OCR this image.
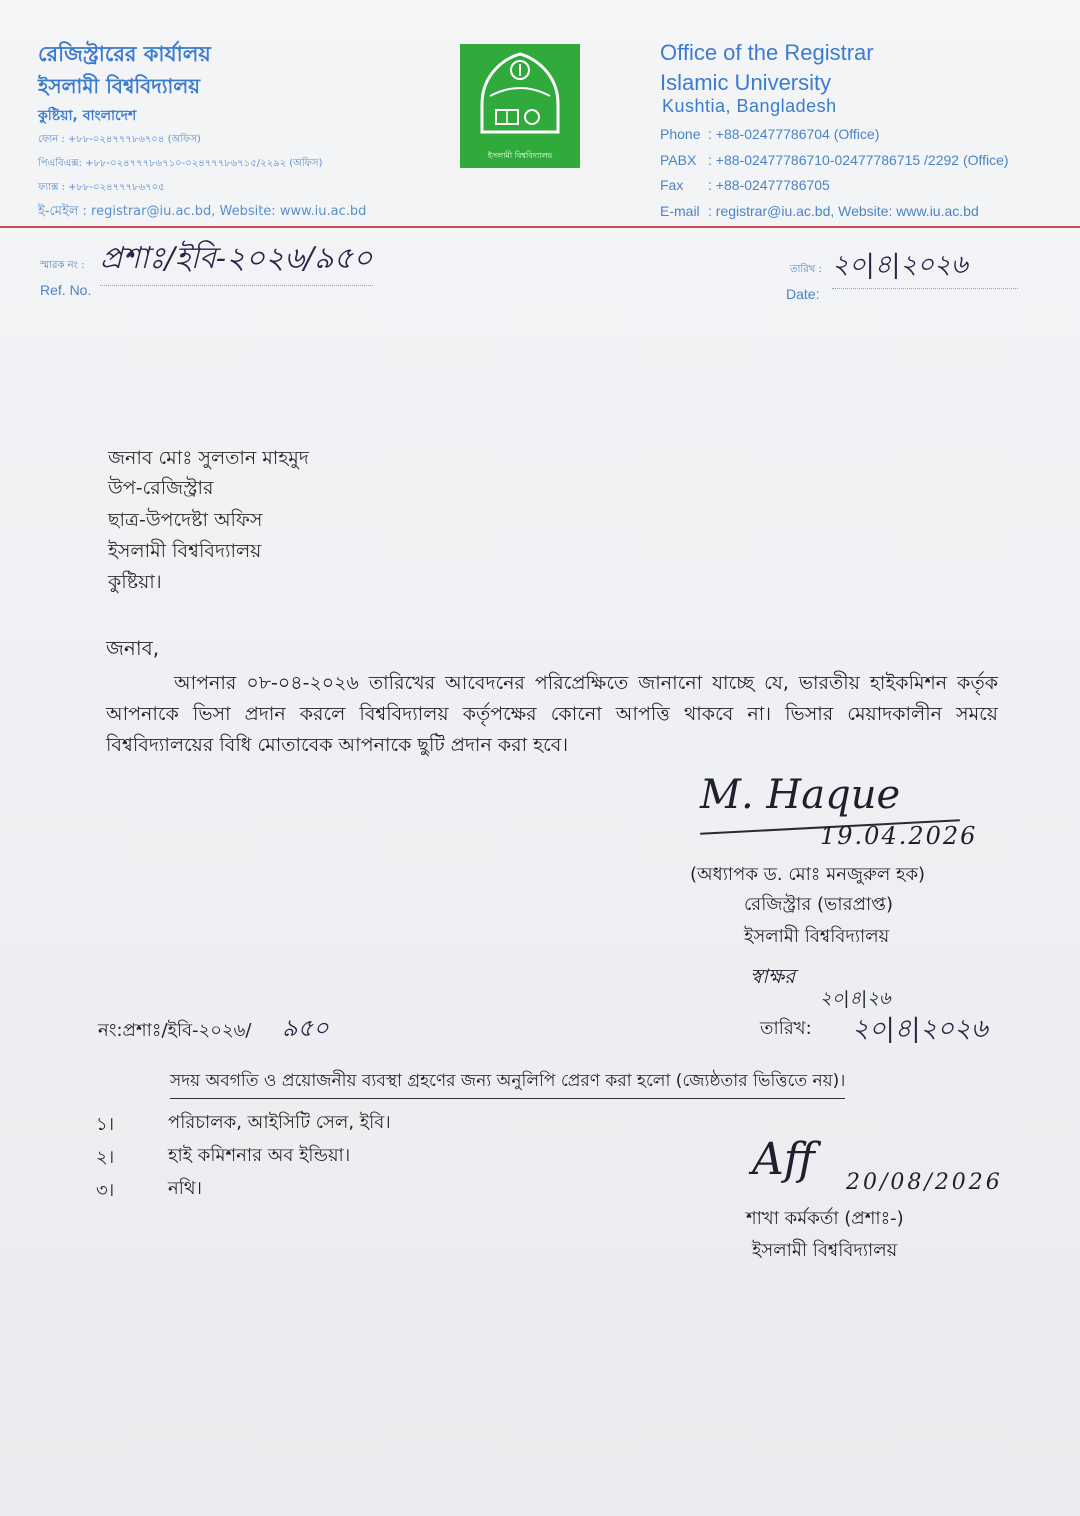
রেজিস্ট্রারের কার্যালয়
ইসলামী বিশ্ববিদ্যালয়
কুষ্টিয়া, বাংলাদেশ
ফোন : +৮৮-০২৪৭৭৭৮৬৭০৪ (অফিস)
পিএবিএক্স: +৮৮-০২৪৭৭৭৮৬৭১০-০২৪৭৭৭৮৬৭১৫/২২৯২ (অফিস)
ফ্যাক্স : +৮৮-০২৪৭৭৭৮৬৭০৫
ই-মেইল : registrar@iu.ac.bd, Website: www.iu.ac.bd
ইসলামী বিশ্ববিদ্যালয়
Office of the Registrar
Islamic University
Kushtia, Bangladesh
Phone : +88-02477786704 (Office)
PABX : +88-02477786710-02477786715 /2292 (Office)
Fax : +88-02477786705
E-mail : registrar@iu.ac.bd, Website: www.iu.ac.bd
স্মারক নং :
Ref. No.
প্রশাঃ/ইবি-২০২৬/৯৫০	তারিখ :
Date:
২০|৪|২০২৬
জনাব মোঃ সুলতান মাহমুদ
উপ-রেজিস্ট্রার
ছাত্র-উপদেষ্টা অফিস
ইসলামী বিশ্ববিদ্যালয়
কুষ্টিয়া।
জনাব,
আপনার ০৮-০৪-২০২৬ তারিখের আবেদনের পরিপ্রেক্ষিতে জানানো যাচ্ছে যে, ভারতীয় হাইকমিশন কর্তৃক আপনাকে ভিসা প্রদান করলে বিশ্ববিদ্যালয় কর্তৃপক্ষের কোনো আপত্তি থাকবে না। ভিসার মেয়াদকালীন সময়ে বিশ্ববিদ্যালয়ের বিধি মোতাবেক আপনাকে ছুটি প্রদান করা হবে।
M. Haque
19.04.2026
(অধ্যাপক ড. মোঃ মনজুরুল হক)
রেজিস্ট্রার (ভারপ্রাপ্ত)
ইসলামী বিশ্ববিদ্যালয়
স্বাক্ষর
২০|৪|২৬
নং:প্রশাঃ/ইবি-২০২৬/ ৯৫০	তারিখ: ২০|৪|২০২৬
সদয় অবগতি ও প্রয়োজনীয় ব্যবস্থা গ্রহণের জন্য অনুলিপি প্রেরণ করা হলো (জ্যেষ্ঠতার ভিত্তিতে নয়)।
১।	পরিচালক, আইসিটি সেল, ইবি।
২।	হাই কমিশনার অব ইন্ডিয়া।
৩।	নথি।
Aff 20/08/2026
শাখা কর্মকর্তা (প্রশাঃ-)
ইসলামী বিশ্ববিদ্যালয়
